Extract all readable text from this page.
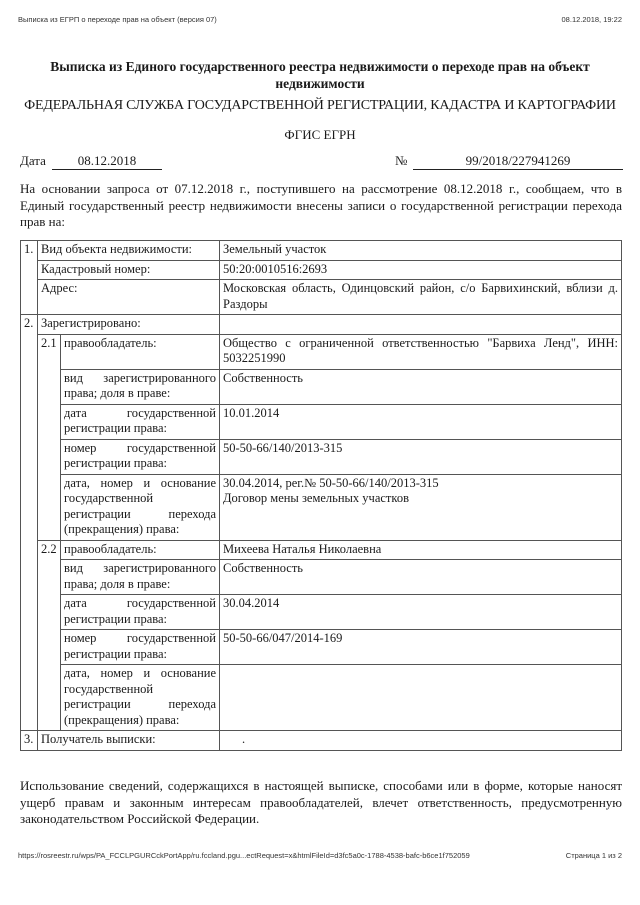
Выписка из ЕГРП о переходе прав на объект (версия 07)	08.12.2018, 19:22
Выписка из Единого государственного реестра недвижимости о переходе прав на объект недвижимости
ФЕДЕРАЛЬНАЯ СЛУЖБА ГОСУДАРСТВЕННОЙ РЕГИСТРАЦИИ, КАДАСТРА И КАРТОГРАФИИ
ФГИС ЕГРН
Дата	08.12.2018	№	99/2018/227941269
На основании запроса от 07.12.2018 г., поступившего на рассмотрение 08.12.2018 г., сообщаем, что в Единый государственный реестр недвижимости внесены записи о государственной регистрации перехода прав на:
1.	Вид объекта недвижимости:		Земельный участок
	Кадастровый номер:		50:20:0010516:2693
	Адрес:		Московская область, Одинцовский район, с/о Барвихинский, вблизи д. Раздоры
2.	Зарегистрировано:		
	2.1	правообладатель:	Общество с ограниченной ответственностью "Барвиха Ленд", ИНН: 5032251990
		вид зарегистрированного права; доля в праве:	Собственность
		дата государственной регистрации права:	10.01.2014
		номер государственной регистрации права:	50-50-66/140/2013-315
		дата, номер и основание государственной регистрации перехода (прекращения) права:	30.04.2014, рег.№ 50-50-66/140/2013-315
Договор мены земельных участков

	2.2	правообладатель:	Михеева Наталья Николаевна
		вид зарегистрированного права; доля в праве:	Собственность
		дата государственной регистрации права:	30.04.2014
		номер государственной регистрации права:	50-50-66/047/2014-169
		дата, номер и основание государственной регистрации перехода (прекращения) права:	
3.	Получатель выписки:		.
Использование сведений, содержащихся в настоящей выписке, способами или в форме, которые наносят ущерб правам и законным интересам правообладателей, влечет ответственность, предусмотренную законодательством Российской Федерации.
https://rosreestr.ru/wps/PA_FCCLPGURCckPortApp/ru.fccland.pgu...ectRequest=x&htmlFileId=d3fc5a0c-1788-4538-bafc-b6ce1f752059	Страница 1 из 2
